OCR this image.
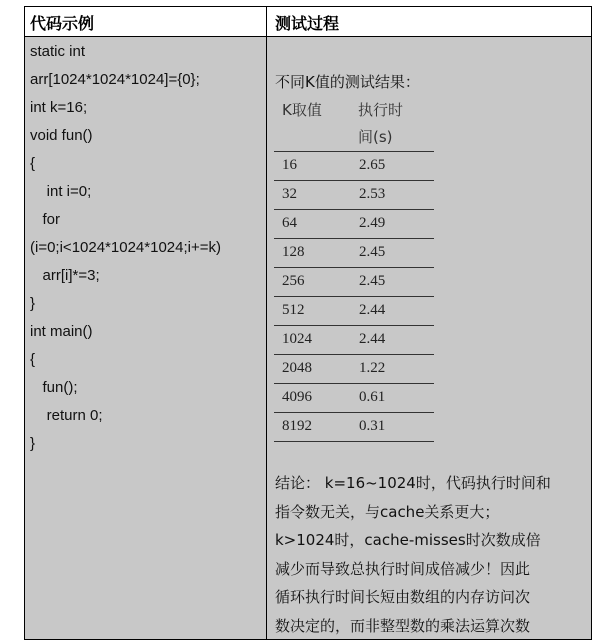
代码示例	测试过程
static int
arr[1024*1024*1024]={0};
int k=16;
void fun()
{
int i=0;
for
(i=0;i<1024*1024*1024;i+=k)
arr[i]*=3;
}
int main()
{
fun();
return 0;
}
不同K值的测试结果：
K取值 执行时
间(s)
16	2.65
32	2.53
64	2.49
128	2.45
256	2.45
512	2.44
1024	2.44
2048	1.22
4096	0.61
8192	0.31
结论： k=16~1024时，代码执行时间和
指令数无关，与cache关系更大；
k>1024时，cache-misses时次数成倍
减少而导致总执行时间成倍减少！因此
循环执行时间长短由数组的内存访问次
数决定的，而非整型数的乘法运算次数
